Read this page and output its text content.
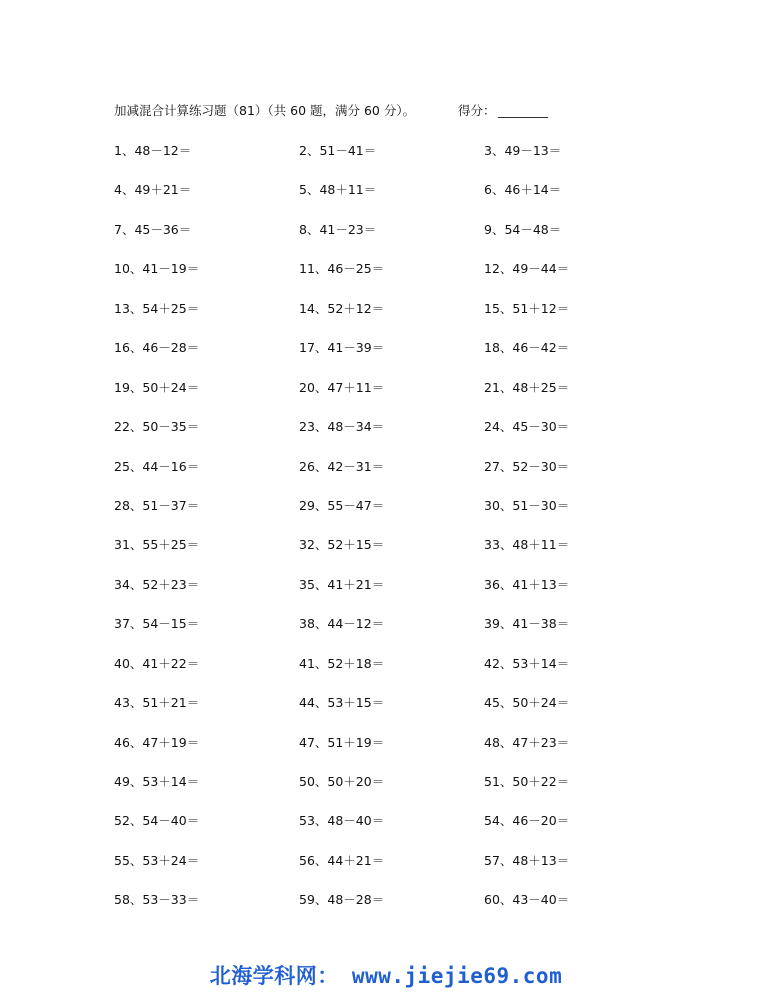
加减混合计算练习题（81）（共 60 题，满分 60 分）。	得分： ________
1、48－12＝	2、51－41＝	3、49－13＝
4、49＋21＝	5、48＋11＝	6、46＋14＝
7、45－36＝	8、41－23＝	9、54－48＝
10、41－19＝	11、46－25＝	12、49－44＝
13、54＋25＝	14、52＋12＝	15、51＋12＝
16、46－28＝	17、41－39＝	18、46－42＝
19、50＋24＝	20、47＋11＝	21、48＋25＝
22、50－35＝	23、48－34＝	24、45－30＝
25、44－16＝	26、42－31＝	27、52－30＝
28、51－37＝	29、55－47＝	30、51－30＝
31、55＋25＝	32、52＋15＝	33、48＋11＝
34、52＋23＝	35、41＋21＝	36、41＋13＝
37、54－15＝	38、44－12＝	39、41－38＝
40、41＋22＝	41、52＋18＝	42、53＋14＝
43、51＋21＝	44、53＋15＝	45、50＋24＝
46、47＋19＝	47、51＋19＝	48、47＋23＝
49、53＋14＝	50、50＋20＝	51、50＋22＝
52、54－40＝	53、48－40＝	54、46－20＝
55、53＋24＝	56、44＋21＝	57、48＋13＝
58、53－33＝	59、48－28＝	60、43－40＝
北海学科网： www.jiejie69.com
